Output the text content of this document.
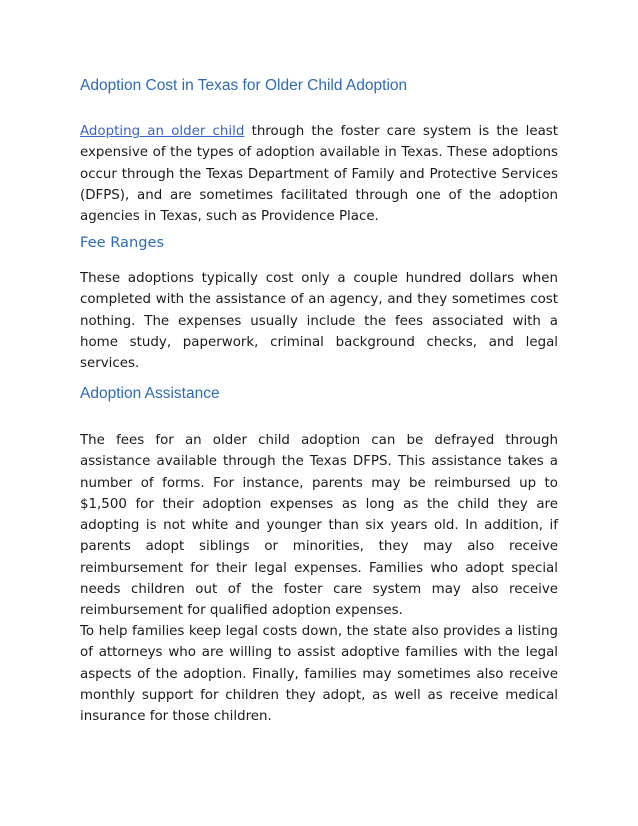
Adoption Cost in Texas for Older Child Adoption

Adopting an older child through the foster care system is the least expensive of the types of adoption available in Texas. These adoptions occur through the Texas Department of Family and Protective Services (DFPS), and are sometimes facilitated through one of the adoption agencies in Texas, such as Providence Place.

Fee Ranges

These adoptions typically cost only a couple hundred dollars when completed with the assistance of an agency, and they sometimes cost nothing. The expenses usually include the fees associated with a home study, paperwork, criminal background checks, and legal services.

Adoption Assistance

The fees for an older child adoption can be defrayed through assistance available through the Texas DFPS. This assistance takes a number of forms. For instance, parents may be reimbursed up to $1,500 for their adoption expenses as long as the child they are adopting is not white and younger than six years old. In addition, if parents adopt siblings or minorities, they may also receive reimbursement for their legal expenses. Families who adopt special needs children out of the foster care system may also receive reimbursement for qualified adoption expenses.

To help families keep legal costs down, the state also provides a listing of attorneys who are willing to assist adoptive families with the legal aspects of the adoption. Finally, families may sometimes also receive monthly support for children they adopt, as well as receive medical insurance for those children.
